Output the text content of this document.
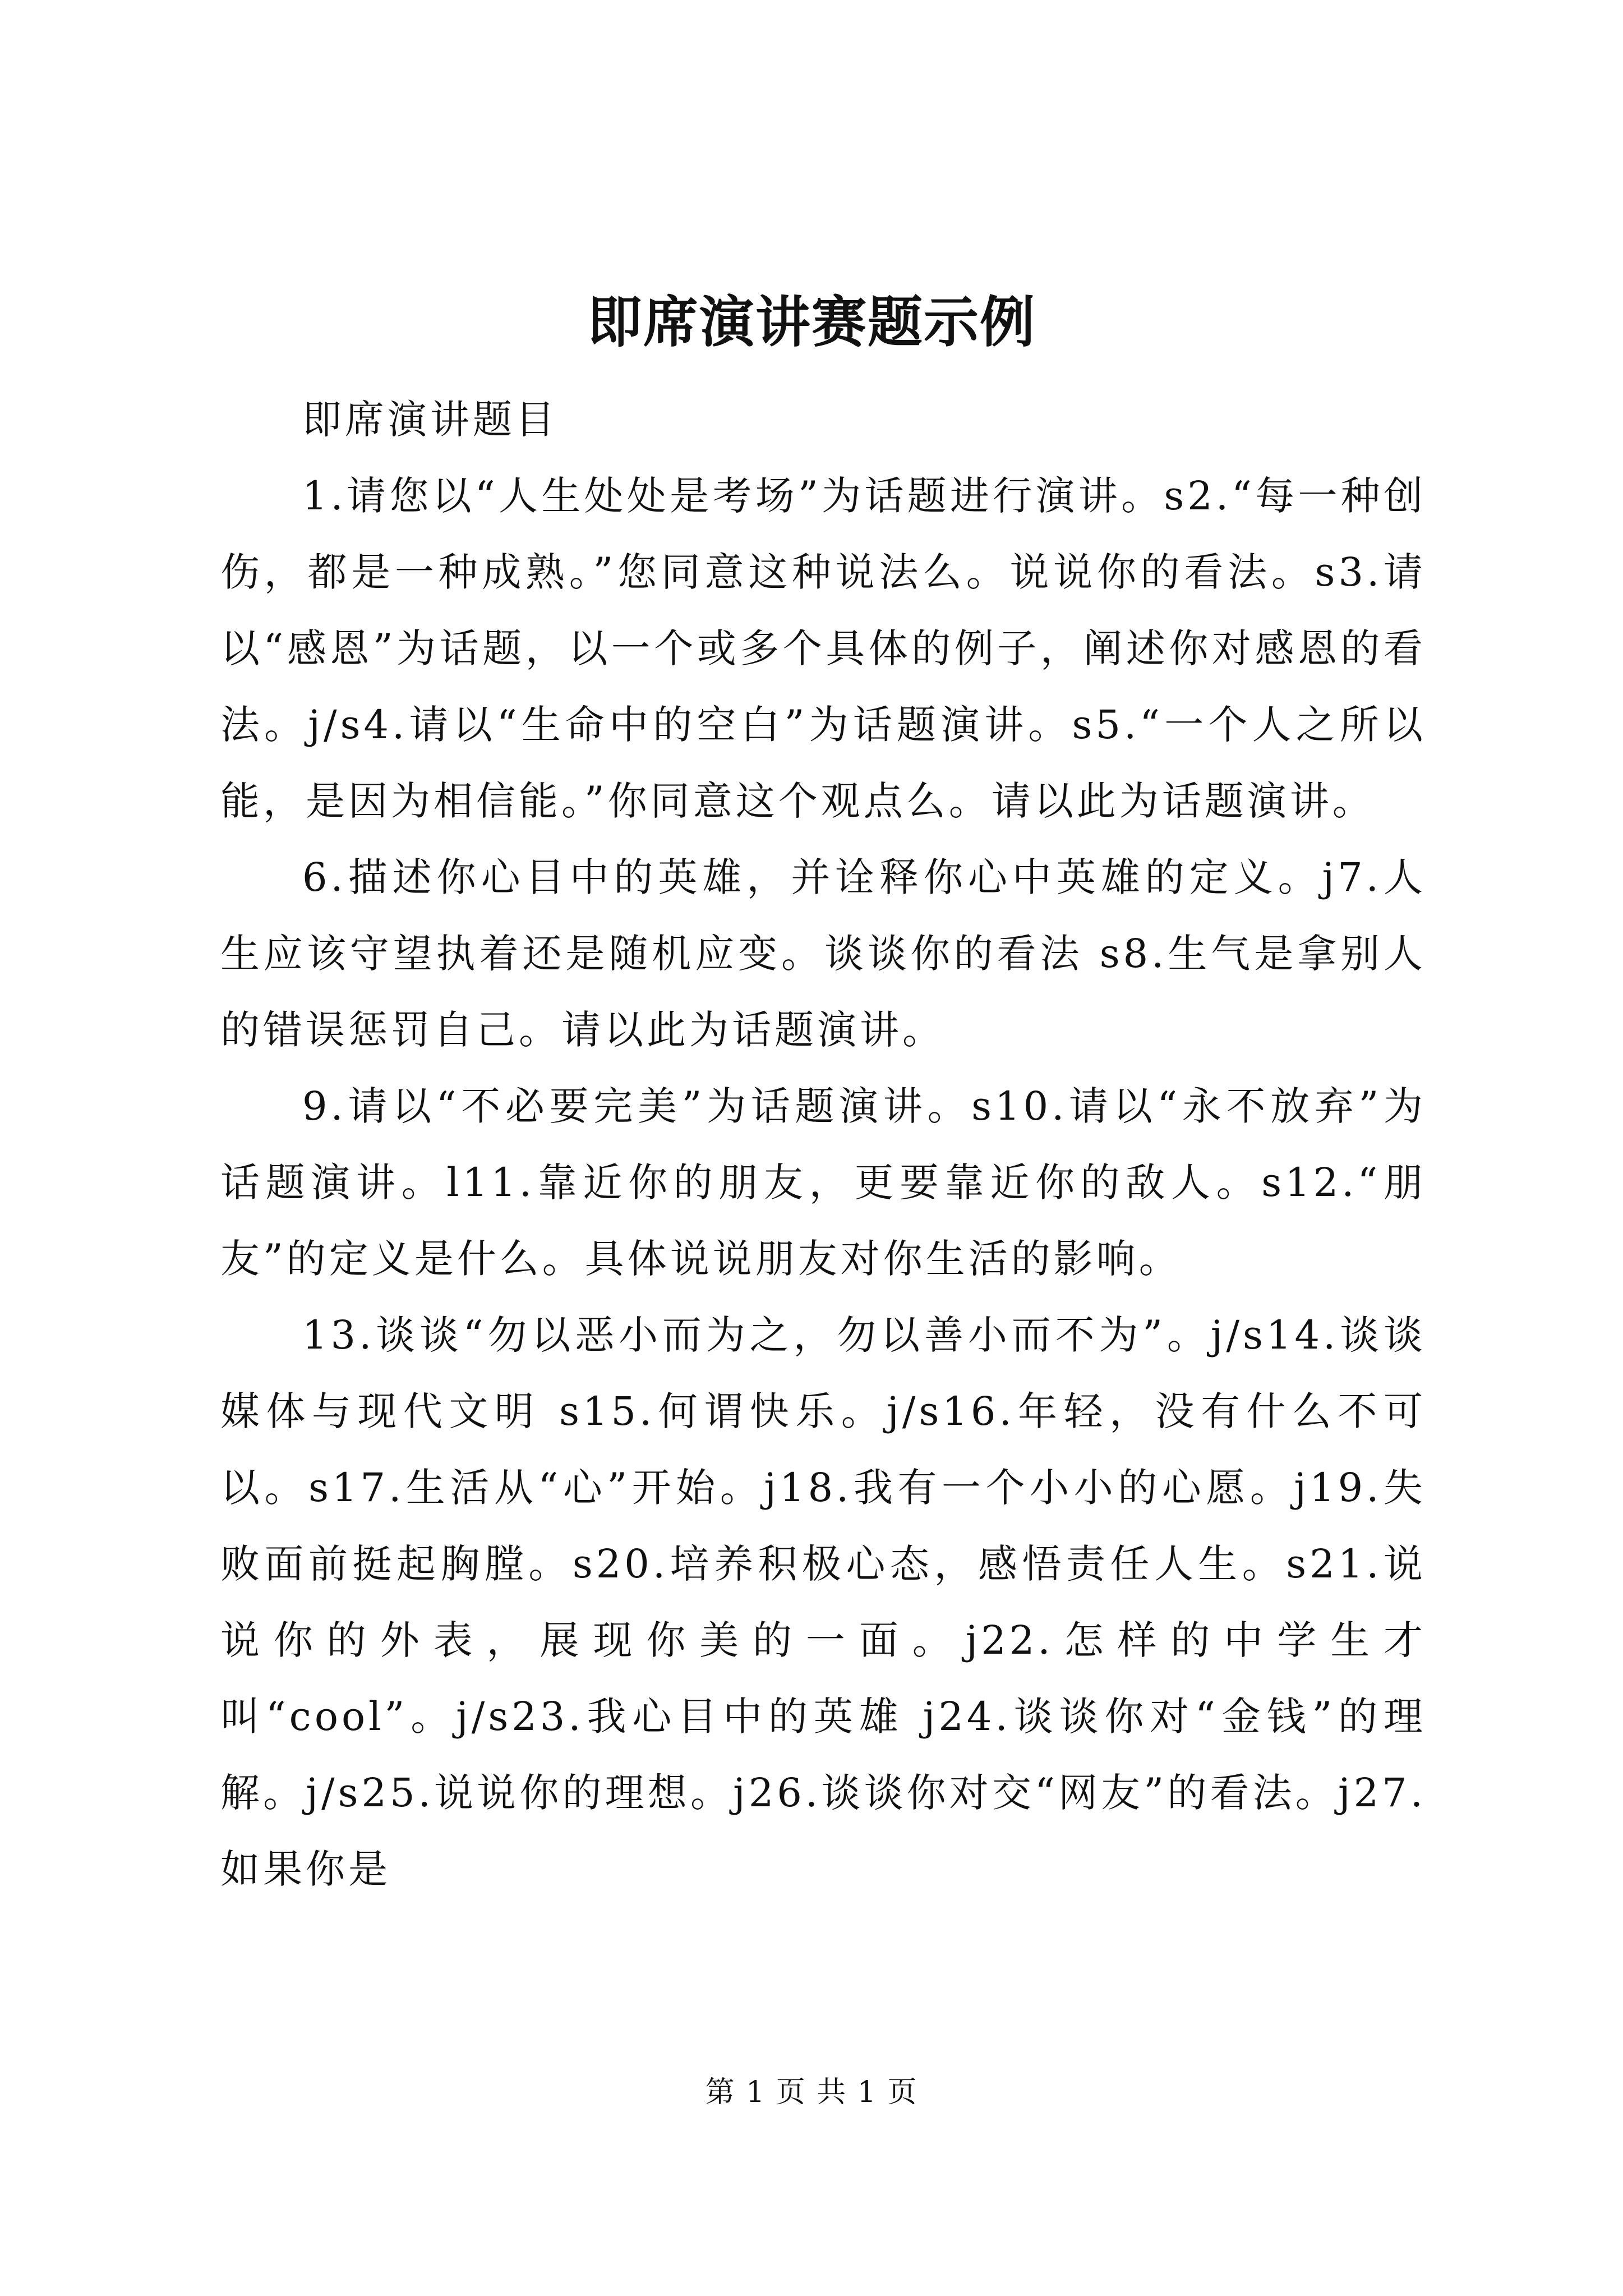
即席演讲赛题示例

即席演讲题目

1.请您以“人生处处是考场”为话题进行演讲。s2.“每一种创伤，都是一种成熟。”您同意这种说法么。说说你的看法。s3.请以“感恩”为话题，以一个或多个具体的例子，阐述你对感恩的看法。j/s4.请以“生命中的空白”为话题演讲。s5.“一个人之所以能，是因为相信能。”你同意这个观点么。请以此为话题演讲。

6.描述你心目中的英雄，并诠释你心中英雄的定义。j7.人生应该守望执着还是随机应变。谈谈你的看法 s8.生气是拿别人的错误惩罚自己。请以此为话题演讲。

9.请以“不必要完美”为话题演讲。s10.请以“永不放弃”为话题演讲。l11.靠近你的朋友，更要靠近你的敌人。s12.“朋友”的定义是什么。具体说说朋友对你生活的影响。

13.谈谈“勿以恶小而为之，勿以善小而不为”。j/s14.谈谈媒体与现代文明 s15.何谓快乐。j/s16.年轻，没有什么不可以。s17.生活从“心”开始。j18.我有一个小小的心愿。j19.失败面前挺起胸膛。s20.培养积极心态，感悟责任人生。s21.说说你的外表，展现你美的一面。j22.怎样的中学生才叫“cool”。j/s23.我心目中的英雄 j24.谈谈你对“金钱”的理解。j/s25.说说你的理想。j26.谈谈你对交“网友”的看法。j27.如果你是

第 1 页 共 1 页
